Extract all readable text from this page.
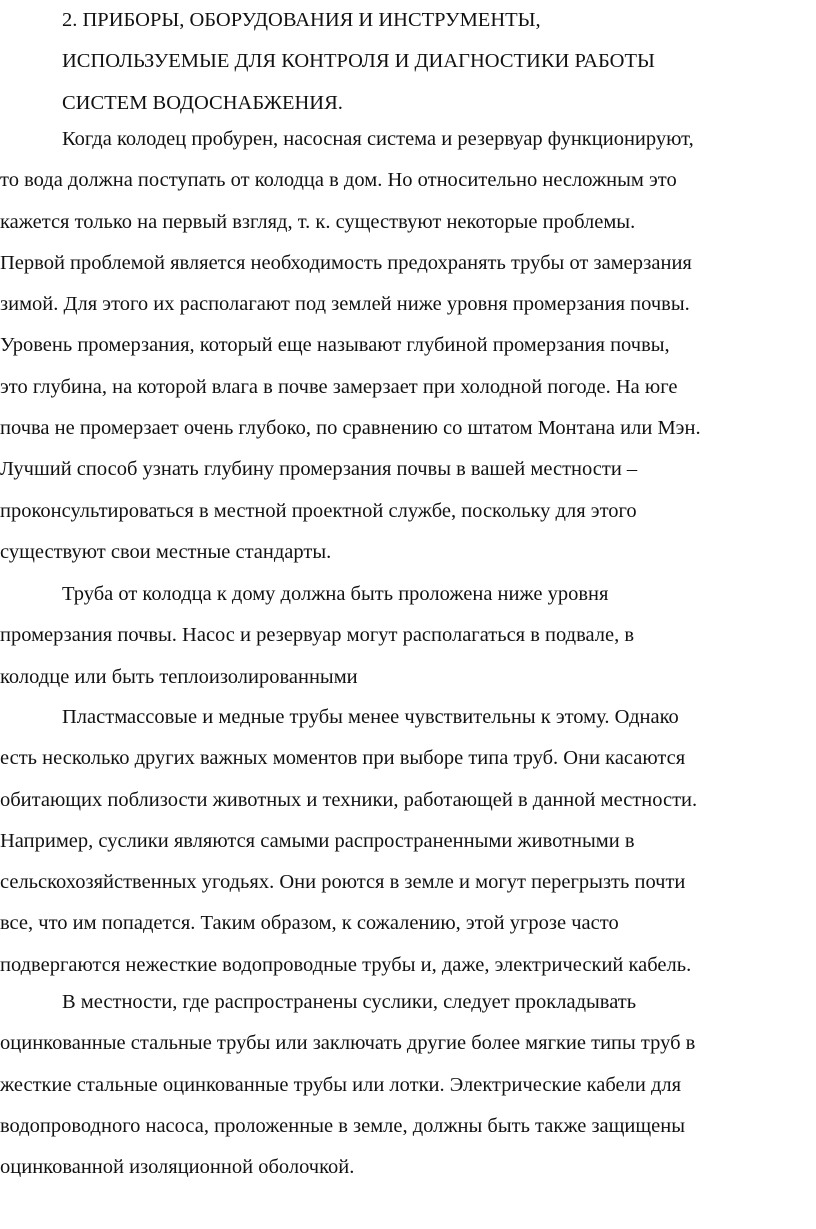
2. ПРИБОРЫ, ОБОРУДОВАНИЯ И ИНСТРУМЕНТЫ,
ИСПОЛЬЗУЕМЫЕ ДЛЯ КОНТРОЛЯ И ДИАГНОСТИКИ РАБОТЫ
СИСТЕМ ВОДОСНАБЖЕНИЯ.
Когда колодец пробурен, насосная система и резервуар функционируют,
то вода должна поступать от колодца в дом. Но относительно несложным это
кажется только на первый взгляд, т. к. существуют некоторые проблемы.
Первой проблемой является необходимость предохранять трубы от замерзания
зимой. Для этого их располагают под землей ниже уровня промерзания почвы.
Уровень промерзания, который еще называют глубиной промерзания почвы,
это глубина, на которой влага в почве замерзает при холодной погоде. На юге
почва не промерзает очень глубоко, по сравнению со штатом Монтана или Мэн.
Лучший способ узнать глубину промерзания почвы в вашей местности –
проконсультироваться в местной проектной службе, поскольку для этого
существуют свои местные стандарты.
Труба от колодца к дому должна быть проложена ниже уровня
промерзания почвы. Насос и резервуар могут располагаться в подвале, в
колодце или быть теплоизолированными
Пластмассовые и медные трубы менее чувствительны к этому. Однако
есть несколько других важных моментов при выборе типа труб. Они касаются
обитающих поблизости животных и техники, работающей в данной местности.
Например, суслики являются самыми распространенными животными в
сельскохозяйственных угодьях. Они роются в земле и могут перегрызть почти
все, что им попадется. Таким образом, к сожалению, этой угрозе часто
подвергаются нежесткие водопроводные трубы и, даже, электрический кабель.
В местности, где распространены суслики, следует прокладывать
оцинкованные стальные трубы или заключать другие более мягкие типы труб в
жесткие стальные оцинкованные трубы или лотки. Электрические кабели для
водопроводного насоса, проложенные в земле, должны быть также защищены
оцинкованной изоляционной оболочкой.
